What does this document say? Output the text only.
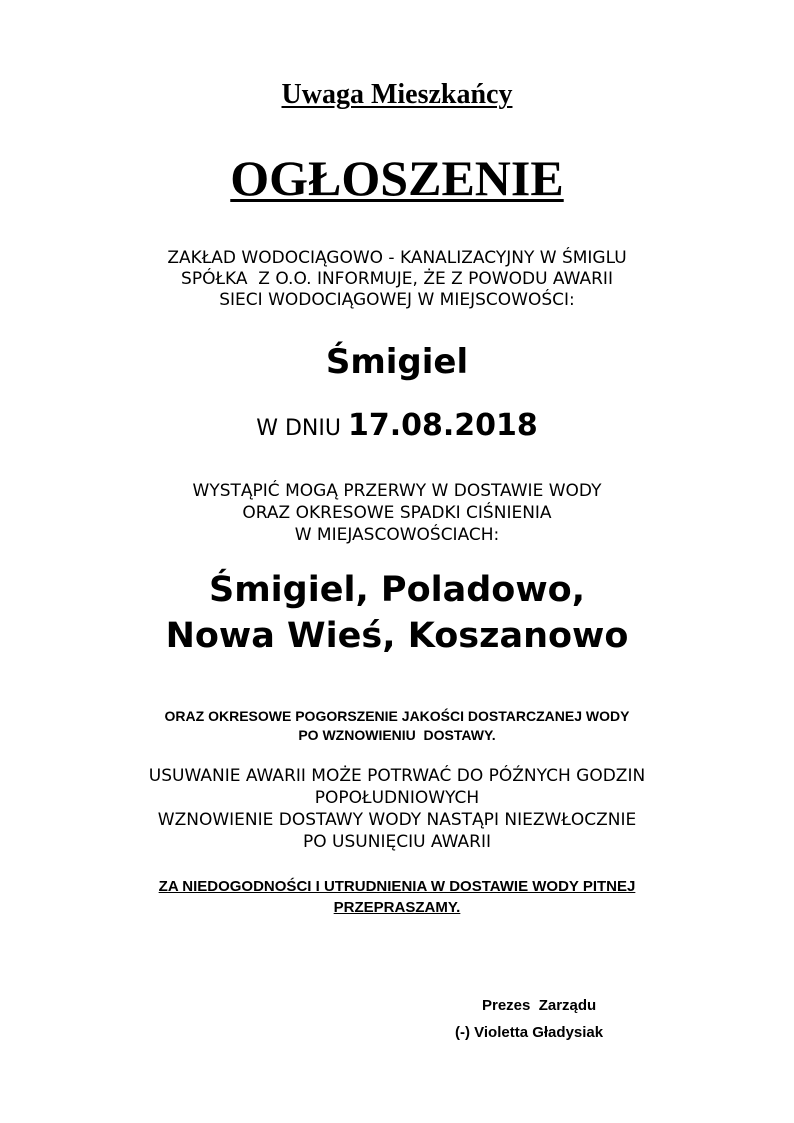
Uwaga Mieszkańcy
OGŁOSZENIE
ZAKŁAD WODOCIĄGOWO - KANALIZACYJNY W ŚMIGLU
SPÓŁKA  Z O.O. INFORMUJE, ŻE Z POWODU AWARII
SIECI WODOCIĄGOWEJ W MIEJSCOWOŚCI:
Śmigiel
W DNIU 17.08.2018
WYSTĄPIĆ MOGĄ PRZERWY W DOSTAWIE WODY
ORAZ OKRESOWE SPADKI CIŚNIENIA
W MIEJASCOWOŚCIACH:
Śmigiel, Poladowo,
Nowa Wieś, Koszanowo
ORAZ OKRESOWE POGORSZENIE JAKOŚCI DOSTARCZANEJ WODY
PO WZNOWIENIU  DOSTAWY.
USUWANIE AWARII MOŻE POTRWAĆ DO PÓŹNYCH GODZIN
POPOŁUDNIOWYCH
WZNOWIENIE DOSTAWY WODY NASTĄPI NIEZWŁOCZNIE
PO USUNIĘCIU AWARII
ZA NIEDOGODNOŚCI I UTRUDNIENIA W DOSTAWIE WODY PITNEJ
PRZEPRASZAMY.
Prezes  Zarządu
(-) Violetta Gładysiak
